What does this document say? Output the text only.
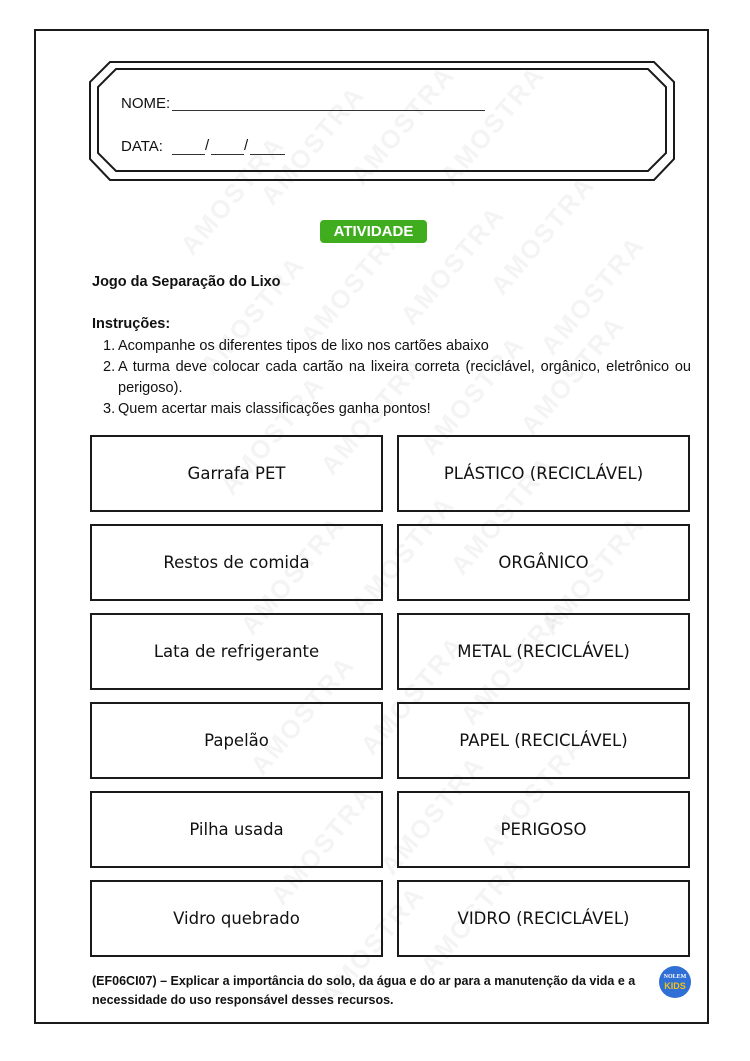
NOME:
DATA:	/ /
ATIVIDADE
Jogo da Separação do Lixo
Instruções:
1. Acompanhe os diferentes tipos de lixo nos cartões abaixo
2. A turma deve colocar cada cartão na lixeira correta (reciclável, orgânico, eletrônico ou perigoso).
3. Quem acertar mais classificações ganha pontos!
Garrafa PET	PLÁSTICO (RECICLÁVEL)
Restos de comida	ORGÂNICO
Lata de refrigerante	METAL (RECICLÁVEL)
Papelão	PAPEL (RECICLÁVEL)
Pilha usada	PERIGOSO
Vidro quebrado	VIDRO (RECICLÁVEL)
(EF06CI07) – Explicar a importância do solo, da água e do ar para a manutenção da vida e a necessidade do uso responsável desses recursos.
NOLEM
KIDS
